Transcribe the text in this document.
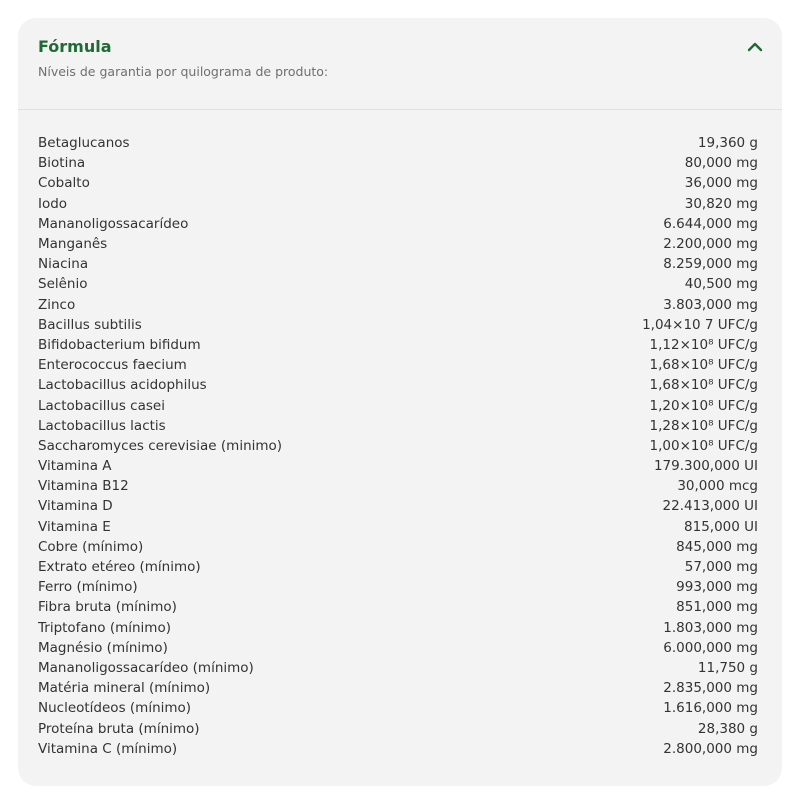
Fórmula

Níveis de garantia por quilograma de produto:

Betaglucanos	19,360 g
Biotina	80,000 mg
Cobalto	36,000 mg
Iodo	30,820 mg
Mananoligossacarídeo	6.644,000 mg
Manganês	2.200,000 mg
Niacina	8.259,000 mg
Selênio	40,500 mg
Zinco	3.803,000 mg
Bacillus subtilis	1,04×10 7 UFC/g
Bifidobacterium bifidum	1,12×10⁸ UFC/g
Enterococcus faecium	1,68×10⁸ UFC/g
Lactobacillus acidophilus	1,68×10⁸ UFC/g
Lactobacillus casei	1,20×10⁸ UFC/g
Lactobacillus lactis	1,28×10⁸ UFC/g
Saccharomyces cerevisiae (minimo)	1,00×10⁸ UFC/g
Vitamina A	179.300,000 UI
Vitamina B12	30,000 mcg
Vitamina D	22.413,000 UI
Vitamina E	815,000 UI
Cobre (mínimo)	845,000 mg
Extrato etéreo (mínimo)	57,000 mg
Ferro (mínimo)	993,000 mg
Fibra bruta (mínimo)	851,000 mg
Triptofano (mínimo)	1.803,000 mg
Magnésio (mínimo)	6.000,000 mg
Mananoligossacarídeo (mínimo)	11,750 g
Matéria mineral (mínimo)	2.835,000 mg
Nucleotídeos (mínimo)	1.616,000 mg
Proteína bruta (mínimo)	28,380 g
Vitamina C (mínimo)	2.800,000 mg
